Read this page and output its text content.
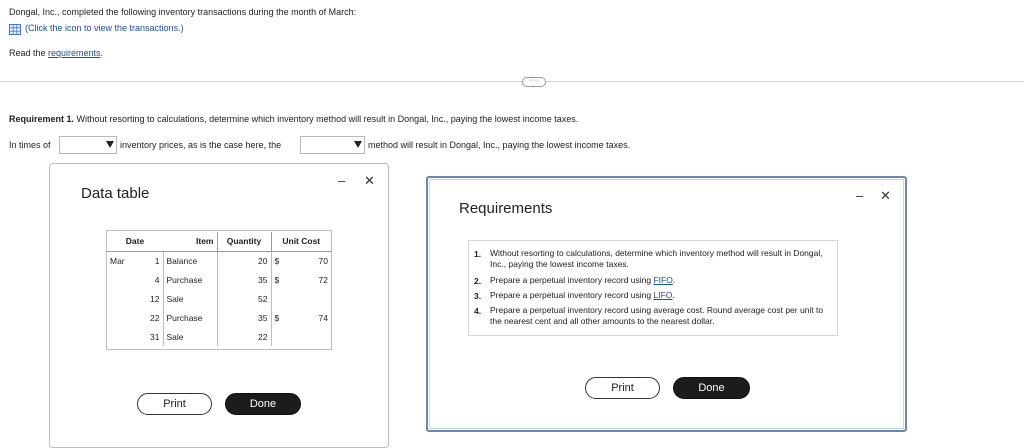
Dongal, Inc., completed the following inventory transactions during the month of March:
(Click the icon to view the transactions.)
Read the requirements.
····
Requirement 1. Without resorting to calculations, determine which inventory method will result in Dongal, Inc., paying the lowest income taxes.
In times of	inventory prices, as is the case here, the	method will result in Dongal, Inc., paying the lowest income taxes.
Data table
– ✕
Date		Item	Quantity	Unit Cost	
Mar	1	Balance	20	$	70
	4	Purchase	35	$	72
	12	Sale	52		
	22	Purchase	35	$	74
	31	Sale	22		
Print	Done
Requirements
– ✕
Print	Done
1. Without resorting to calculations, determine which inventory method will result in Dongal, Inc., paying the lowest income taxes.
2. Prepare a perpetual inventory record using FIFO.
3. Prepare a perpetual inventory record using LIFO.
4. Prepare a perpetual inventory record using average cost. Round average cost per unit to the nearest cent and all other amounts to the nearest dollar.
